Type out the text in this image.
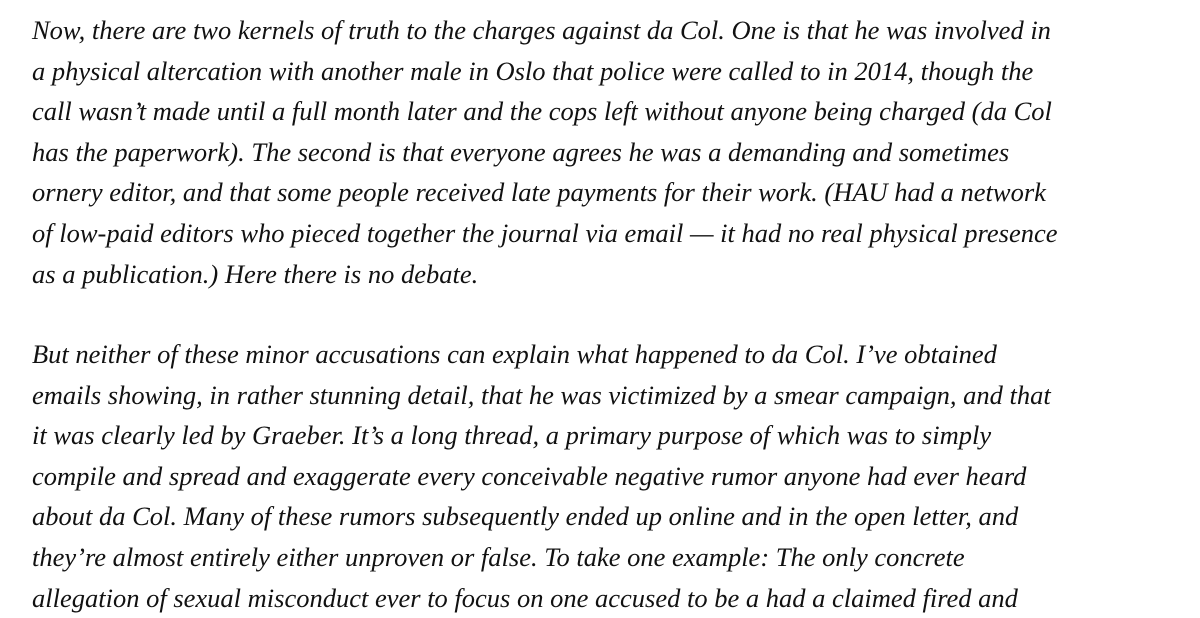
Now, there are two kernels of truth to the charges against da Col. One is that he was involved in
a physical altercation with another male in Oslo that police were called to in 2014, though the
call wasn’t made until a full month later and the cops left without anyone being charged (da Col
has the paperwork). The second is that everyone agrees he was a demanding and sometimes
ornery editor, and that some people received late payments for their work. (HAU had a network
of low-paid editors who pieced together the journal via email — it had no real physical presence
as a publication.) Here there is no debate.
But neither of these minor accusations can explain what happened to da Col. I’ve obtained
emails showing, in rather stunning detail, that he was victimized by a smear campaign, and that
it was clearly led by Graeber. It’s a long thread, a primary purpose of which was to simply
compile and spread and exaggerate every conceivable negative rumor anyone had ever heard
about da Col. Many of these rumors subsequently ended up online and in the open letter, and
they’re almost entirely either unproven or false. To take one example: The only concrete
allegation of sexual misconduct ever to focus on one accused to be a had a claimed fired and
